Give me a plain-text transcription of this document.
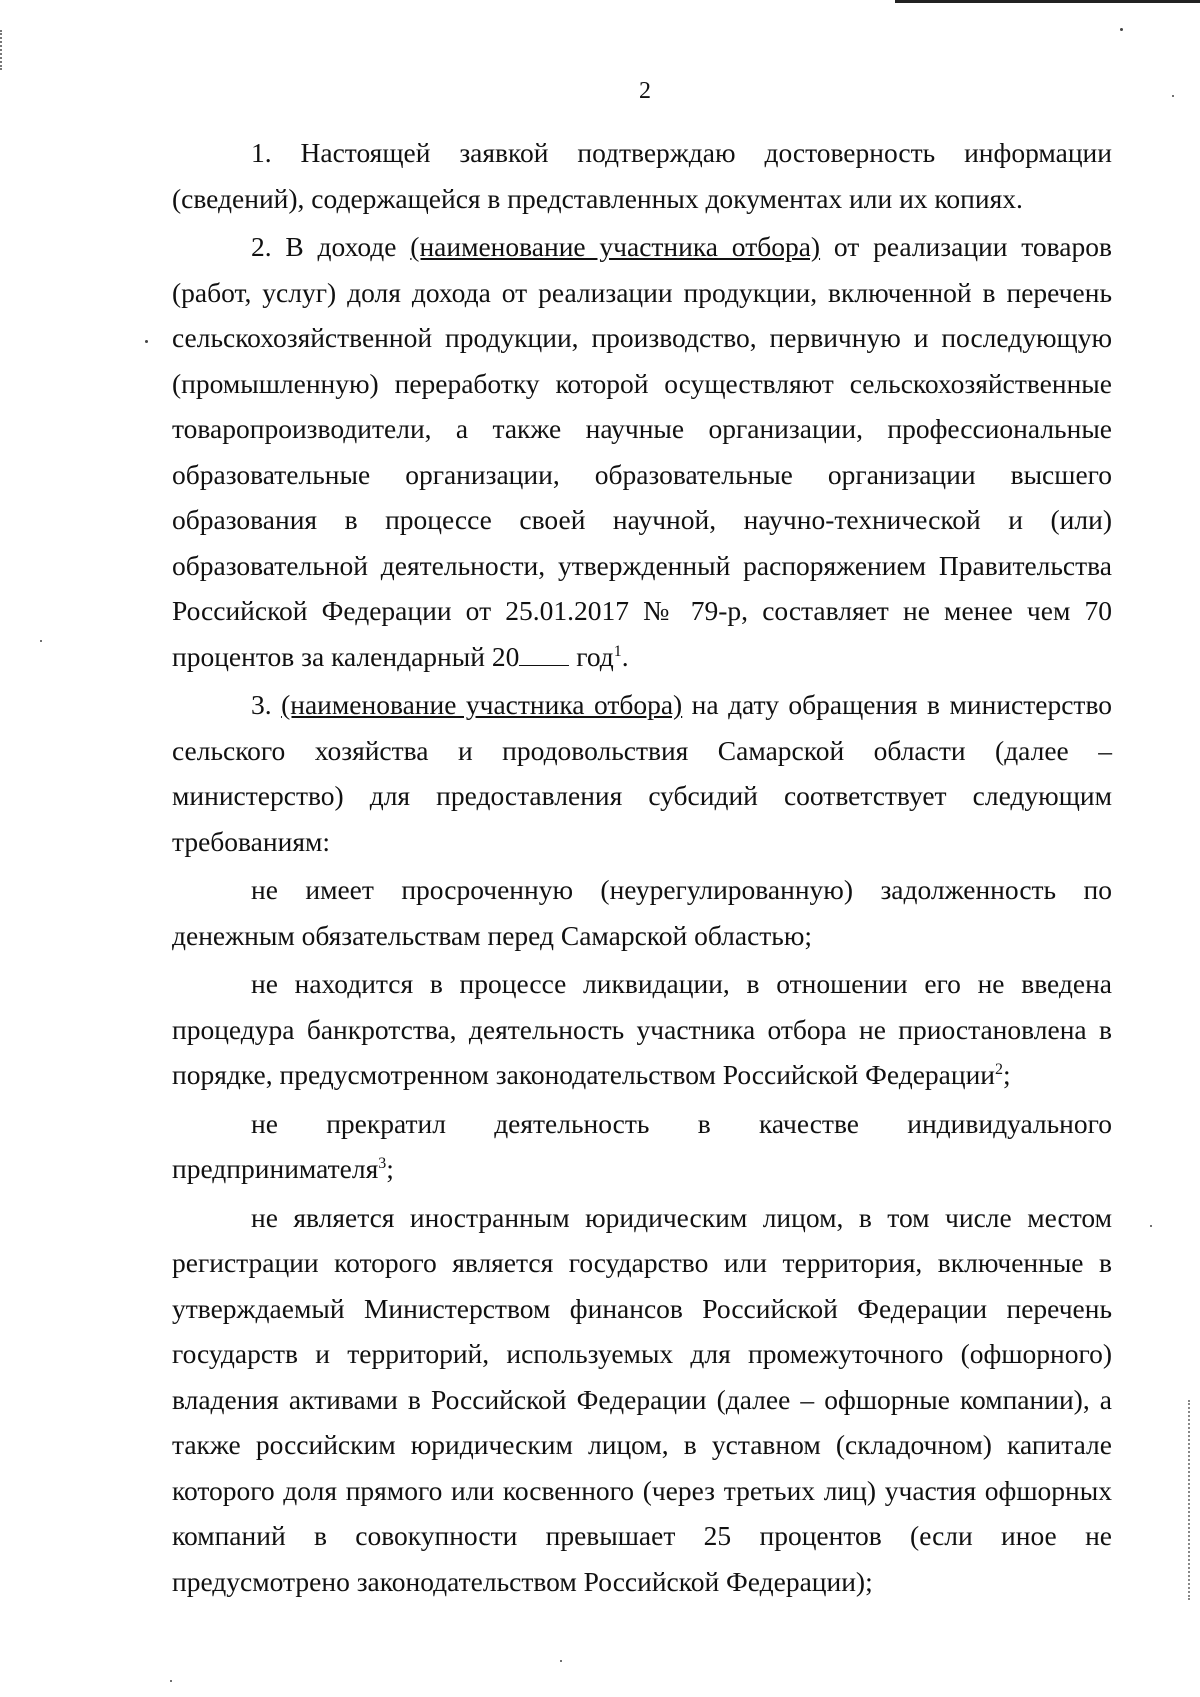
2

1. Настоящей заявкой подтверждаю достоверность информации (сведений), содержащейся в представленных документах или их копиях.

2. В доходе (наименование участника отбора) от реализации товаров (работ, услуг) доля дохода от реализации продукции, включенной в перечень сельскохозяйственной продукции, производство, первичную и последующую (промышленную) переработку которой осуществляют сельскохозяйственные товаропроизводители, а также научные организации, профессиональные образовательные организации, образовательные организации высшего образования в процессе своей научной, научно-технической и (или) образовательной деятельности, утвержденный распоряжением Правительства Российской Федерации от 25.01.2017 № 79-р, составляет не менее чем 70 процентов за календарный 20 год$^1$.

3. (наименование участника отбора) на дату обращения в министерство сельского хозяйства и продовольствия Самарской области (далее – министерство) для предоставления субсидий соответствует следующим требованиям:

не имеет просроченную (неурегулированную) задолженность по денежным обязательствам перед Самарской областью;

не находится в процессе ликвидации, в отношении его не введена процедура банкротства, деятельность участника отбора не приостановлена в порядке, предусмотренном законодательством Российской Федерации$^2$;

не прекратил деятельность в качестве индивидуального предпринимателя$^3$;

не является иностранным юридическим лицом, в том числе местом регистрации которого является государство или территория, включенные в утверждаемый Министерством финансов Российской Федерации перечень государств и территорий, используемых для промежуточного (офшорного) владения активами в Российской Федерации (далее – офшорные компании), а также российским юридическим лицом, в уставном (складочном) капитале которого доля прямого или косвенного (через третьих лиц) участия офшорных компаний в совокупности превышает 25 процентов (если иное не предусмотрено законодательством Российской Федерации);
